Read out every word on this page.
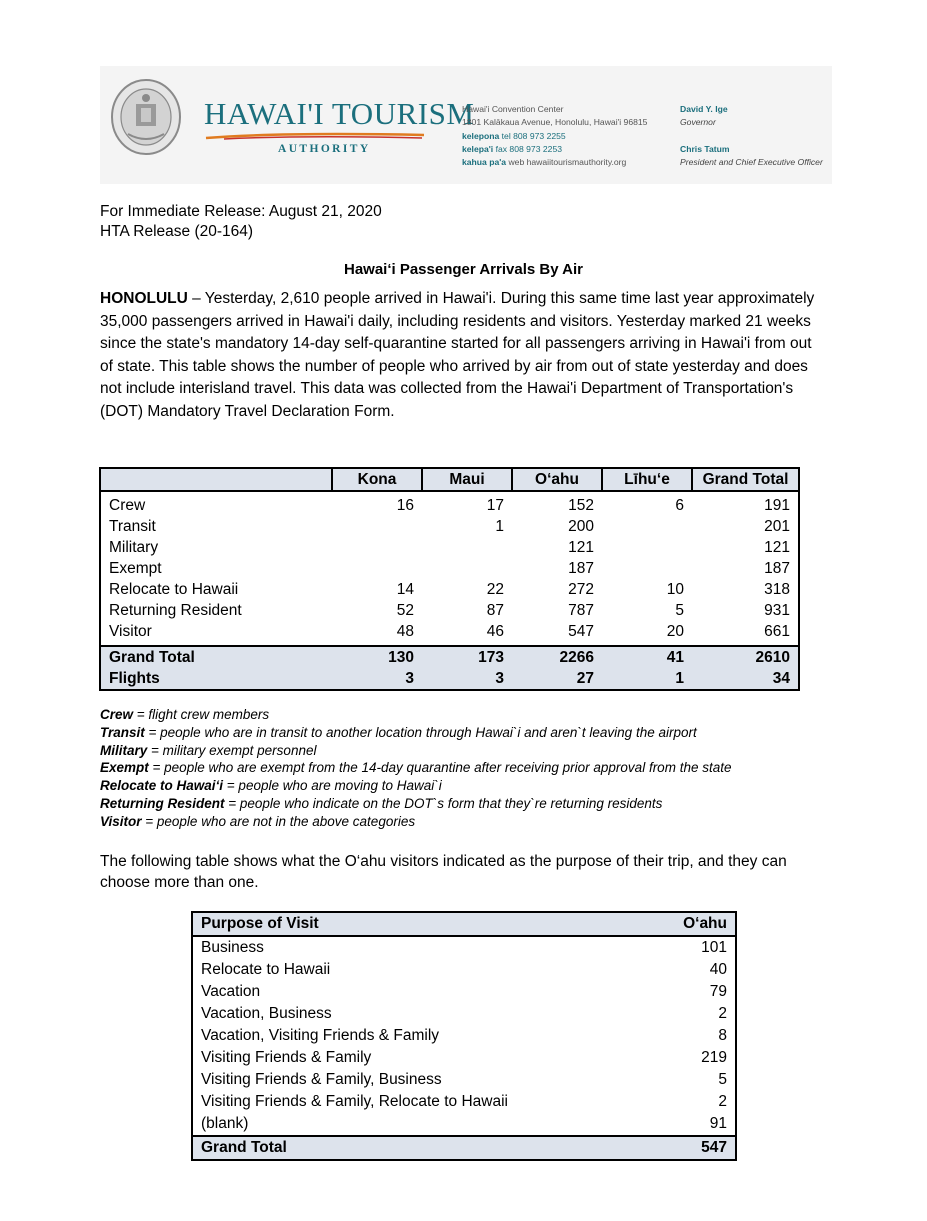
HAWAI'I TOURISM
AUTHORITY
Hawai'i Convention Center
1801 Kalākaua Avenue, Honolulu, Hawai'i 96815
kelepona tel 808 973 2255
kelepa'i fax 808 973 2253
kahua pa'a web hawaiitourismauthority.org
David Y. Ige
Governor
Chris Tatum
President and Chief Executive Officer
For Immediate Release: August 21, 2020
HTA Release (20-164)
Hawai‘i Passenger Arrivals By Air
HONOLULU – Yesterday, 2,610 people arrived in Hawai'i. During this same time last year approximately 35,000 passengers arrived in Hawai'i daily, including residents and visitors. Yesterday marked 21 weeks since the state's mandatory 14-day self-quarantine started for all passengers arriving in Hawai'i from out of state. This table shows the number of people who arrived by air from out of state yesterday and does not include interisland travel. This data was collected from the Hawai'i Department of Transportation's (DOT) Mandatory Travel Declaration Form.
	Kona	Maui	O‘ahu	Līhu‘e	Grand Total
Crew	16	17	152	6	191
Transit		1	200		201
Military			121		121
Exempt			187		187
Relocate to Hawaii	14	22	272	10	318
Returning Resident	52	87	787	5	931
Visitor	48	46	547	20	661
Grand Total	130	173	2266	41	2610
Flights	3	3	27	1	34
Crew = flight crew members
Transit = people who are in transit to another location through Hawai`i and aren`t leaving the airport
Military = military exempt personnel
Exempt = people who are exempt from the 14-day quarantine after receiving prior approval from the state
Relocate to Hawai‘i = people who are moving to Hawai`i
Returning Resident = people who indicate on the DOT`s form that they`re returning residents
Visitor = people who are not in the above categories
The following table shows what the O‘ahu visitors indicated as the purpose of their trip, and they can choose more than one.
Purpose of Visit	O‘ahu
Business	101
Relocate to Hawaii	40
Vacation	79
Vacation, Business	2
Vacation, Visiting Friends & Family	8
Visiting Friends & Family	219
Visiting Friends & Family, Business	5
Visiting Friends & Family, Relocate to Hawaii	2
(blank)	91
Grand Total	547
